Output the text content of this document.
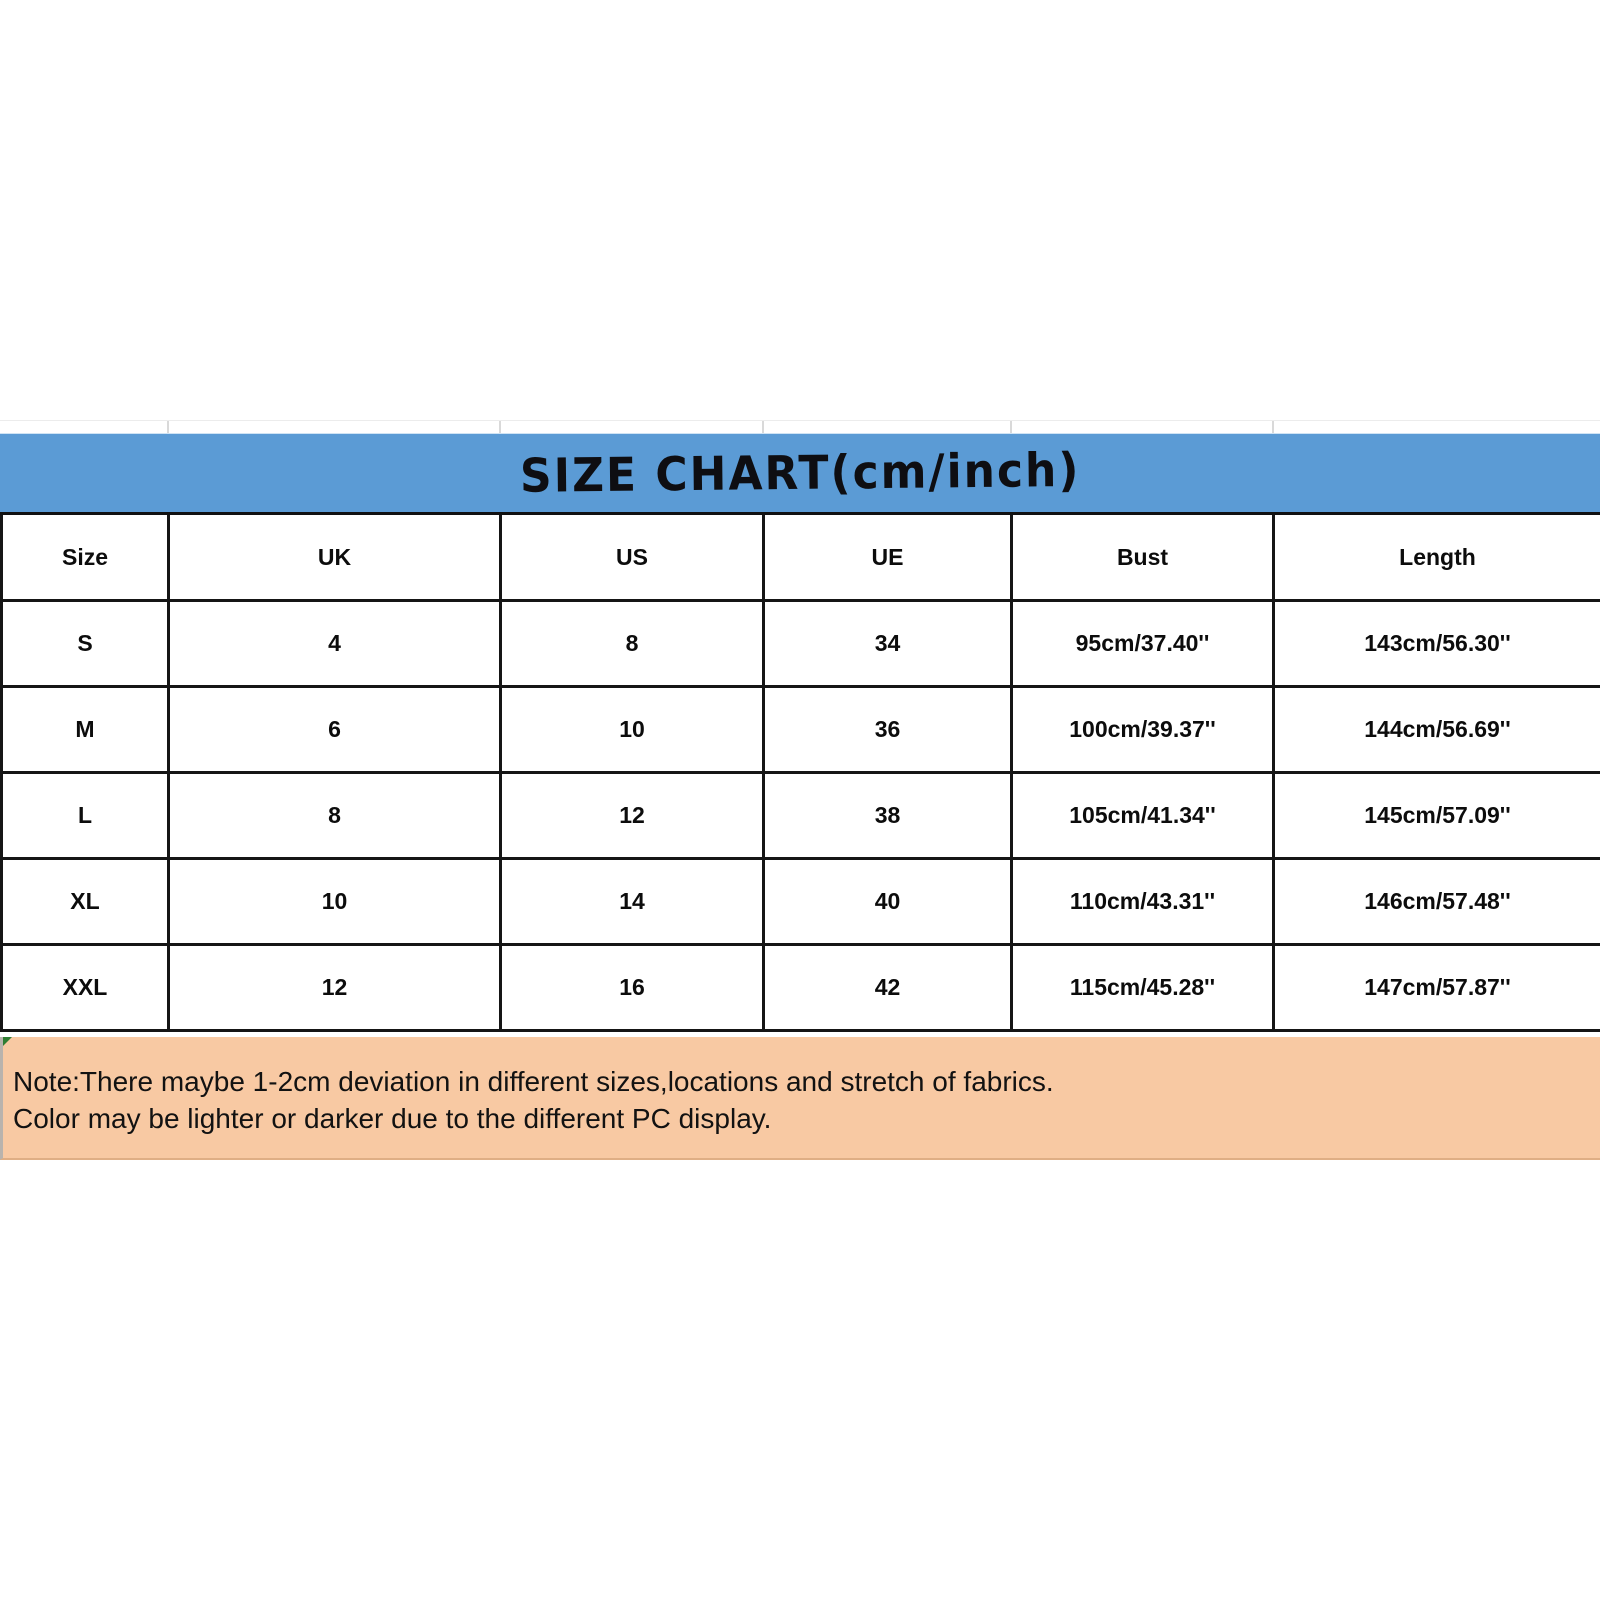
SIZE CHART(cm/inch)
Size	UK	US	UE	Bust	Length
S	4	8	34	95cm/37.40''	143cm/56.30''
M	6	10	36	100cm/39.37''	144cm/56.69''
L	8	12	38	105cm/41.34''	145cm/57.09''
XL	10	14	40	110cm/43.31''	146cm/57.48''
XXL	12	16	42	115cm/45.28''	147cm/57.87''
Note:There maybe 1-2cm deviation in different sizes,locations and stretch of fabrics.
Color may be lighter or darker due to the different PC display.
